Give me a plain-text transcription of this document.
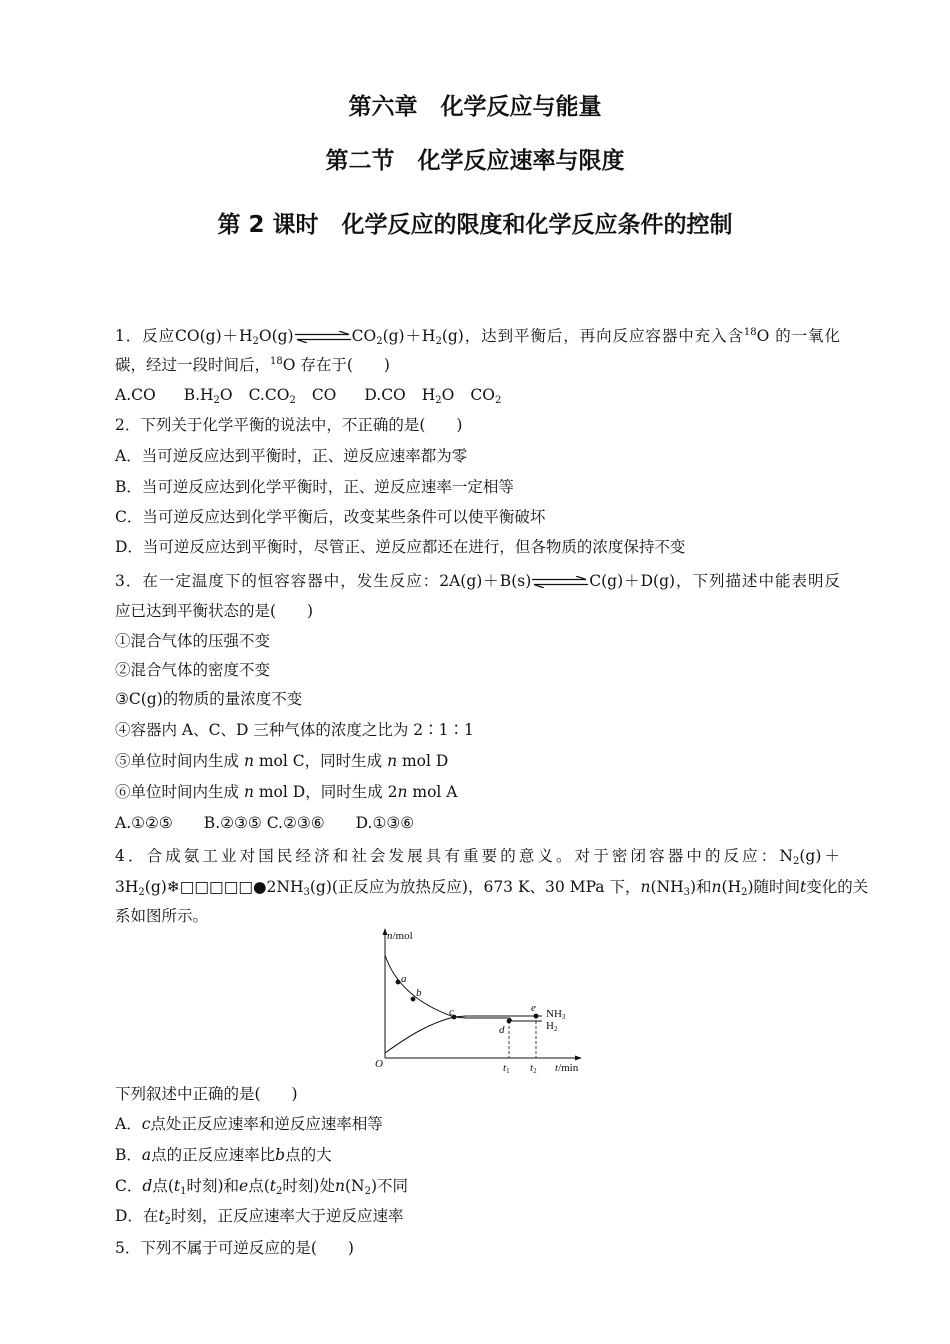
第六章　化学反应与能量
第二节　化学反应速率与限度
第 2 课时　化学反应的限度和化学反应条件的控制
1．反应$CO(g)+H_2O(g)\rightleftharpoons CO_2(g)+H_2(g)$，达到平衡后，再向反应容器中充入含$^{18}$O 的一氧化
碳，经过一段时间后，$^{18}$O 存在于(　　)
A.CO $B.H_2O$ $C.CO_2$ CO D.CO $H_2O$ $CO_2$
2．下列关于化学平衡的说法中，不正确的是(　　)
A．当可逆反应达到平衡时，正、逆反应速率都为零
B．当可逆反应达到化学平衡时，正、逆反应速率一定相等
C．当可逆反应达到化学平衡后，改变某些条件可以使平衡破坏
D．当可逆反应达到平衡时，尽管正、逆反应都还在进行，但各物质的浓度保持不变
3．在一定温度下的恒容容器中，发生反应：2A(g)＋B(s)⇌C(g)＋D(g)，下列描述中能表明反
应已达到平衡状态的是(　　)
①混合气体的压强不变
②混合气体的密度不变
③C(g)的物质的量浓度不变
④容器内 A、C、D 三种气体的浓度之比为 2∶1∶1
⑤单位时间内生成 n mol C，同时生成 n mol D
⑥单位时间内生成 n mol D，同时生成 2n mol A
A.①②⑤　　B.②③⑤ C.②③⑥　　D.①③⑥
4．合成氨工业对国民经济和社会发展具有重要的意义。对于密闭容器中的反应：$N_2(g)+$
$3H_2(g)❄□□□□□●2NH_3(g)$(正反应为放热反应)，673 K、30 MPa 下，$n(NH_3)$和$n(H_2)$随时间t变化的关
系如图所示。
n/mol
t/min
O
a
b
c
d
e NH3
H2
t1 t2
下列叙述中正确的是(　　)
A．c点处正反应速率和逆反应速率相等
B．a点的正反应速率比b点的大
C．d点($t_1$时刻)和e点($t_2$时刻)处$n(N_2)$不同
D．在$t_2$时刻，正反应速率大于逆反应速率
5．下列不属于可逆反应的是(　　)
